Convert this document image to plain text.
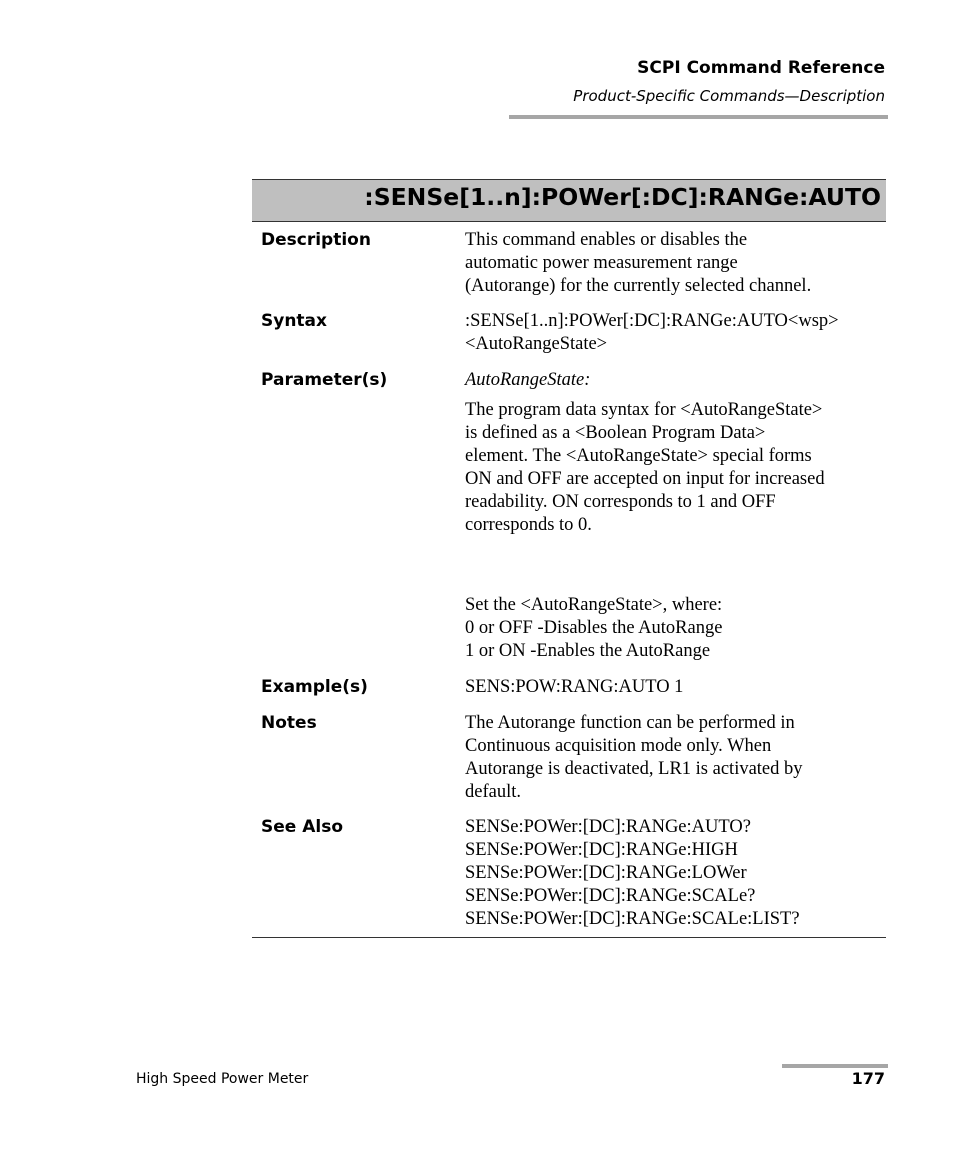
SCPI Command Reference
Product-Specific Commands—Description
:SENSe[1..n]:POWer[:DC]:RANGe:AUTO
Description	This command enables or disables the
automatic power measurement range
(Autorange) for the currently selected channel.
Syntax	:SENSe[1..n]:POWer[:DC]:RANGe:AUTO<wsp>
<AutoRangeState>
Parameter(s)	AutoRangeState:
The program data syntax for <AutoRangeState>
is defined as a <Boolean Program Data>
element. The <AutoRangeState> special forms
ON and OFF are accepted on input for increased
readability. ON corresponds to 1 and OFF
corresponds to 0.
Set the <AutoRangeState>, where:
0 or OFF -Disables the AutoRange
1 or ON -Enables the AutoRange
Example(s)	SENS:POW:RANG:AUTO 1
Notes	The Autorange function can be performed in
Continuous acquisition mode only. When
Autorange is deactivated, LR1 is activated by
default.
See Also	SENSe:POWer:[DC]:RANGe:AUTO?
SENSe:POWer:[DC]:RANGe:HIGH
SENSe:POWer:[DC]:RANGe:LOWer
SENSe:POWer:[DC]:RANGe:SCALe?
SENSe:POWer:[DC]:RANGe:SCALe:LIST?
High Speed Power Meter	177
